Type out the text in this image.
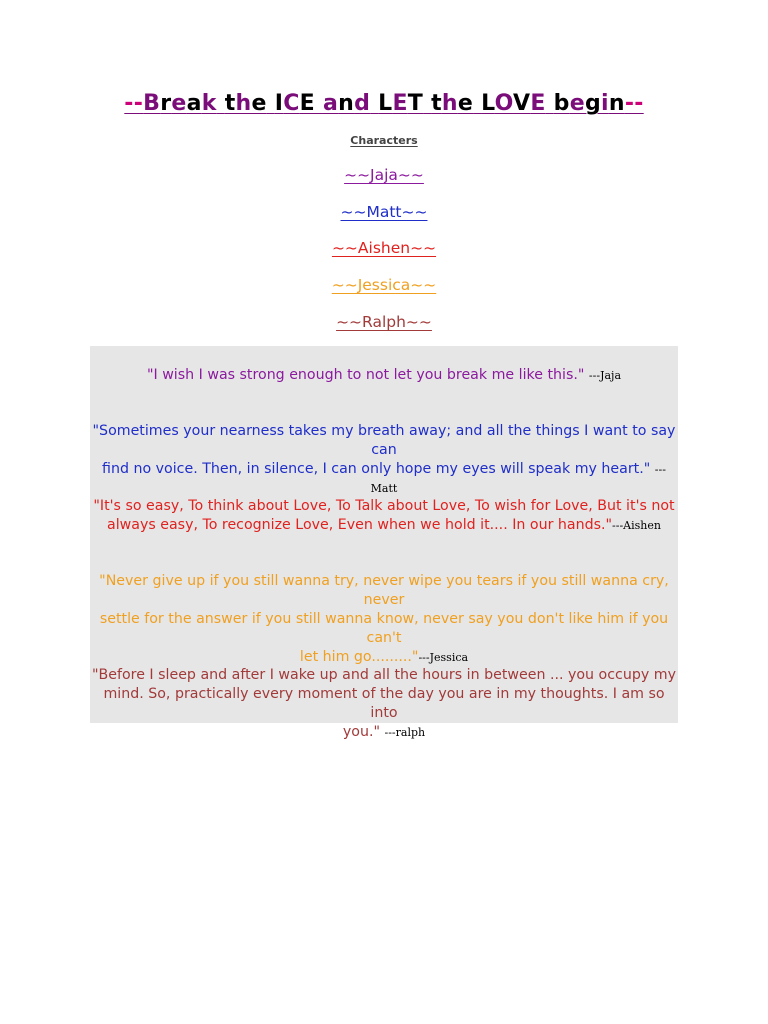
--Break the ICE and LET the LOVE begin--
Characters
~~Jaja~~
~~Matt~~
~~Aishen~~
~~Jessica~~
~~Ralph~~
"I wish I was strong enough to not let you break me like this." ---Jaja
"Sometimes your nearness takes my breath away; and all the things I want to say can
find no voice. Then, in silence, I can only hope my eyes will speak my heart." ---Matt
"It's so easy, To think about Love, To Talk about Love, To wish for Love, But it's not
always easy, To recognize Love, Even when we hold it.... In our hands."---Aishen
"Never give up if you still wanna try, never wipe you tears if you still wanna cry, never
settle for the answer if you still wanna know, never say you don't like him if you can't
let him go........."---Jessica
"Before I sleep and after I wake up and all the hours in between ... you occupy my
mind. So, practically every moment of the day you are in my thoughts. I am so into
you." ---ralph
